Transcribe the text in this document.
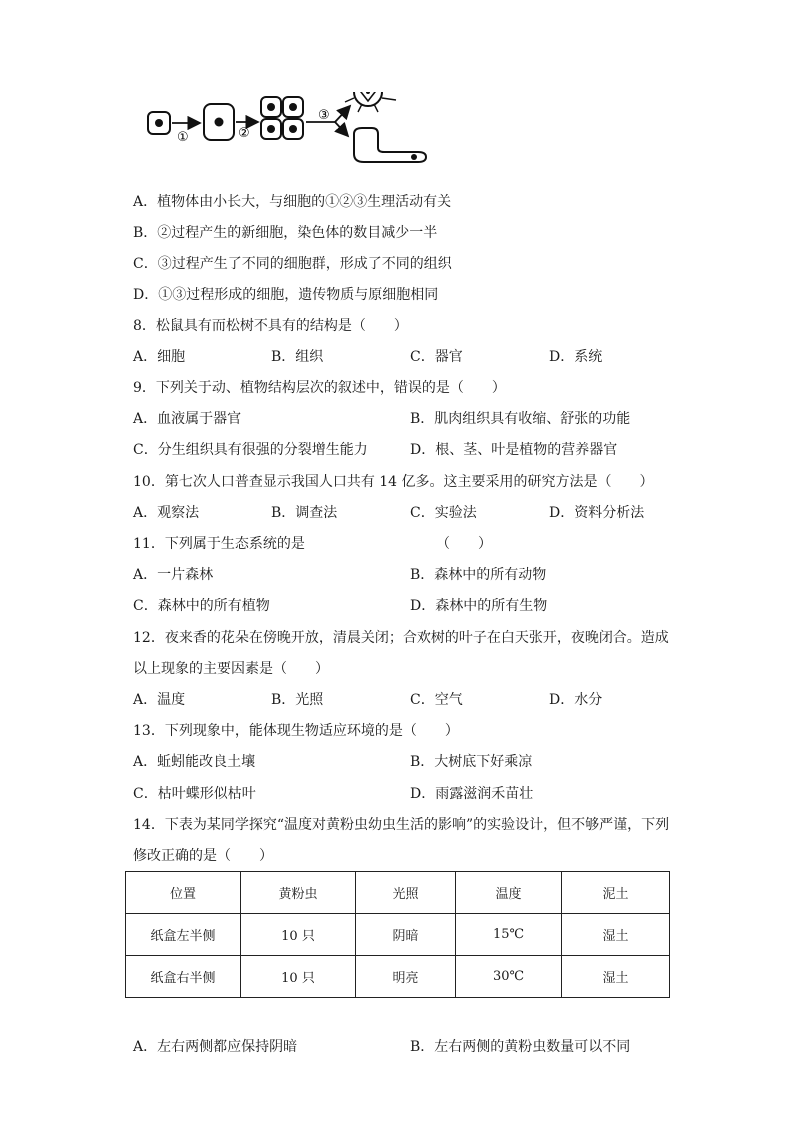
①	②
③
A．植物体由小长大，与细胞的①②③生理活动有关
B．②过程产生的新细胞，染色体的数目减少一半
C．③过程产生了不同的细胞群，形成了不同的组织
D．①③过程形成的细胞，遗传物质与原细胞相同
8．松鼠具有而松树不具有的结构是（　　）
A．细胞	B．组织	C．器官	D．系统
9．下列关于动、植物结构层次的叙述中，错误的是（　　）
A．血液属于器官	B．肌肉组织具有收缩、舒张的功能
C．分生组织具有很强的分裂增生能力	D．根、茎、叶是植物的营养器官
10．第七次人口普查显示我国人口共有 14 亿多。这主要采用的研究方法是（　　）
A．观察法	B．调查法	C．实验法	D．资料分析法
11．下列属于生态系统的是	（　　）
A．一片森林	B．森林中的所有动物
C．森林中的所有植物	D．森林中的所有生物
12．夜来香的花朵在傍晚开放，清晨关闭；合欢树的叶子在白天张开，夜晚闭合。造成
以上现象的主要因素是（　　）
A．温度	B．光照	C．空气	D．水分
13．下列现象中，能体现生物适应环境的是（　　）
A．蚯蚓能改良土壤	B．大树底下好乘凉
C．枯叶蝶形似枯叶	D．雨露滋润禾苗壮
14．下表为某同学探究“温度对黄粉虫幼虫生活的影响”的实验设计，但不够严谨，下列
修改正确的是（　　）
位置	黄粉虫	光照	温度	泥土
纸盒左半侧	10 只	阴暗	15℃	湿土
纸盒右半侧	10 只	明亮	30℃	湿土
A．左右两侧都应保持阴暗	B．左右两侧的黄粉虫数量可以不同
